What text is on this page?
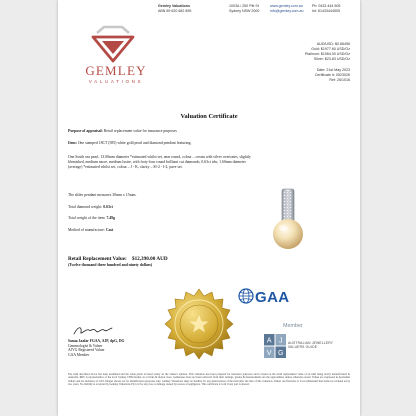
Gemley Valuations
ABN 69 620 682 895
1003A / 250 Pitt St
Sydney NSW 2000
www.gemley.com.au
info@gemley.com.au
Ph: 0433 444 505
Int: 61433444505
GEMLEY
VALUATIONS
AUD/USD: $0.66456
Gold: $1977.60 USD/Oz
Platinum: $1064.00 USD/Oz
Silver: $23.83 USD/Oz
Date: 21st May 2023
Certificate #: 0523026
Ref: 26/1016
Valuation Certificate
Purpose of appraisal: Retail replacement value for insurance purposes
Item: One stamped 18CT (585) white gold pearl and diamond pendant featuring;
One South sea pearl, 13.00mm diameter *estimated whilst set, near round, colour – cream with silver overtones, slightly blemished, medium nacre, medium lustre, with forty-four round brilliant cut diamonds, 0.63ct tdw, 1.60mm diameter (average) *estimated whilst set, colour – J - K, clarity – SI-2 - I-2, pave set.
The slider pendant measures 30mm x 15mm.
Total diamond weight: 0.63ct
Total weight of the item: 7.49g
Method of manufacture: Cast
Retail Replacement Value: $12,390.00 AUD
(Twelve thousand three hundred and ninety dollars)
GAA
Member
A J
V G
AUSTRALIAN JEWELLERY
VALUERS GUIDE
Sanaa Jaafar FGAA, AJP, dpG, DG
Gemmologist & Valuer
AJVG Registered Valuer
GAA Member
The item described above has been examined and the value given is based solely on the valuer's opinion. This valuation has been prepared for insurance purposes and is based on the retail replacement value of an item being newly manufactured in Australia. RRV is representative of the local Sydney CBD market, in a bricks & mortar store. Gemstones have not been removed from their settings, grades & measurements are the approximate unless otherwise noted. Values are expressed in Australian dollars and are inclusive of GST. Images shown are for identification purposes only. Gemley Valuations takes no liability for any deterioration of the item after the date of this valuation. Values can fluctuate. It is recommended that items be revalued every two years. No liability is accepted by Gemley Valuations Pty Ltd for any loss or damage caused by reason of negligence. This certificate is void if any part is altered.
